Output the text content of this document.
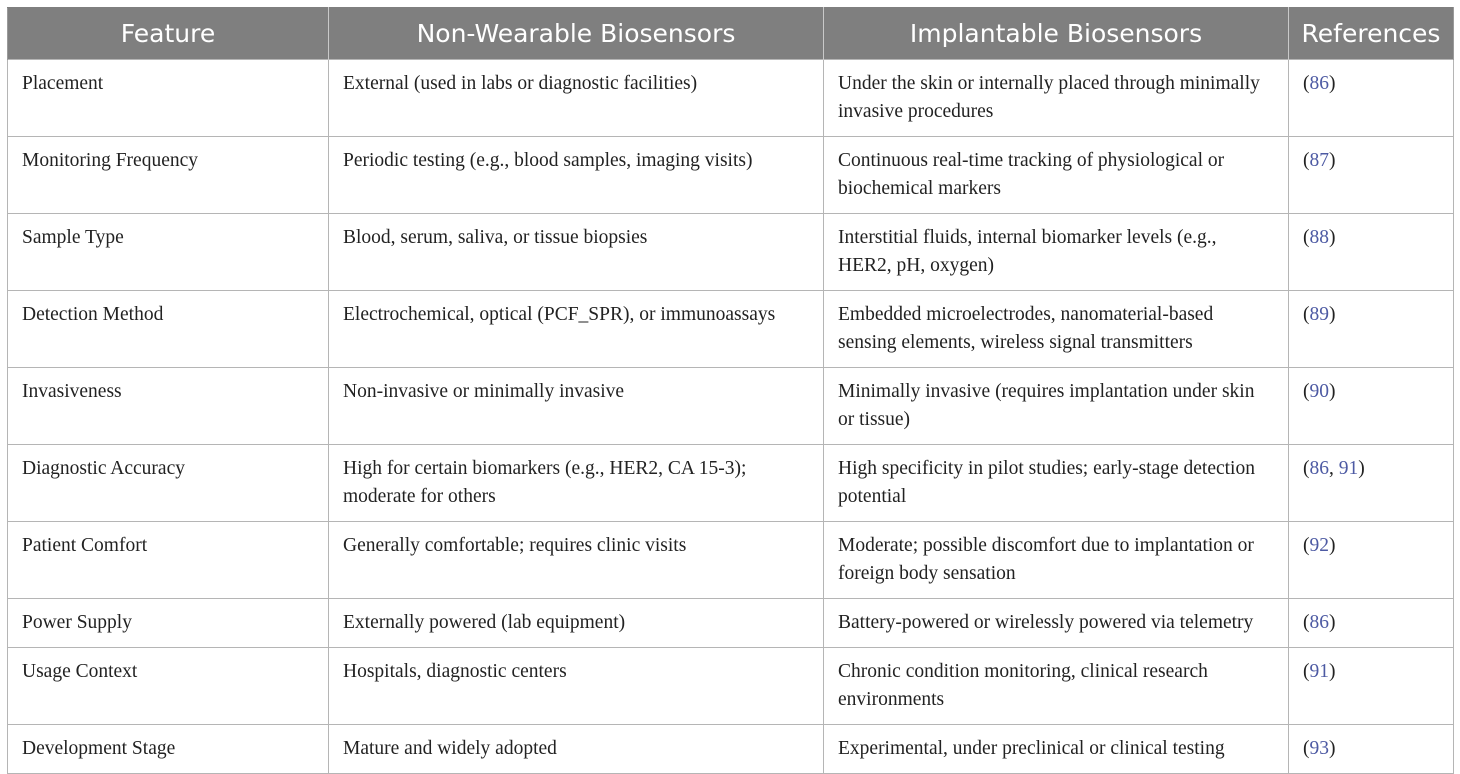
Feature	Non-Wearable Biosensors	Implantable Biosensors	References
Placement	External (used in labs or diagnostic facilities)	Under the skin or internally placed through minimally invasive procedures	(86)
Monitoring Frequency	Periodic testing (e.g., blood samples, imaging visits)	Continuous real-time tracking of physiological or biochemical markers	(87)
Sample Type	Blood, serum, saliva, or tissue biopsies	Interstitial fluids, internal biomarker levels (e.g., HER2, pH, oxygen)	(88)
Detection Method	Electrochemical, optical (PCF_SPR), or immunoassays	Embedded microelectrodes, nanomaterial-based sensing elements, wireless signal transmitters	(89)
Invasiveness	Non-invasive or minimally invasive	Minimally invasive (requires implantation under skin or tissue)	(90)
Diagnostic Accuracy	High for certain biomarkers (e.g., HER2, CA 15-3); moderate for others	High specificity in pilot studies; early-stage detection potential	(86, 91)
Patient Comfort	Generally comfortable; requires clinic visits	Moderate; possible discomfort due to implantation or foreign body sensation	(92)
Power Supply	Externally powered (lab equipment)	Battery-powered or wirelessly powered via telemetry	(86)
Usage Context	Hospitals, diagnostic centers	Chronic condition monitoring, clinical research environments	(91)
Development Stage	Mature and widely adopted	Experimental, under preclinical or clinical testing	(93)
